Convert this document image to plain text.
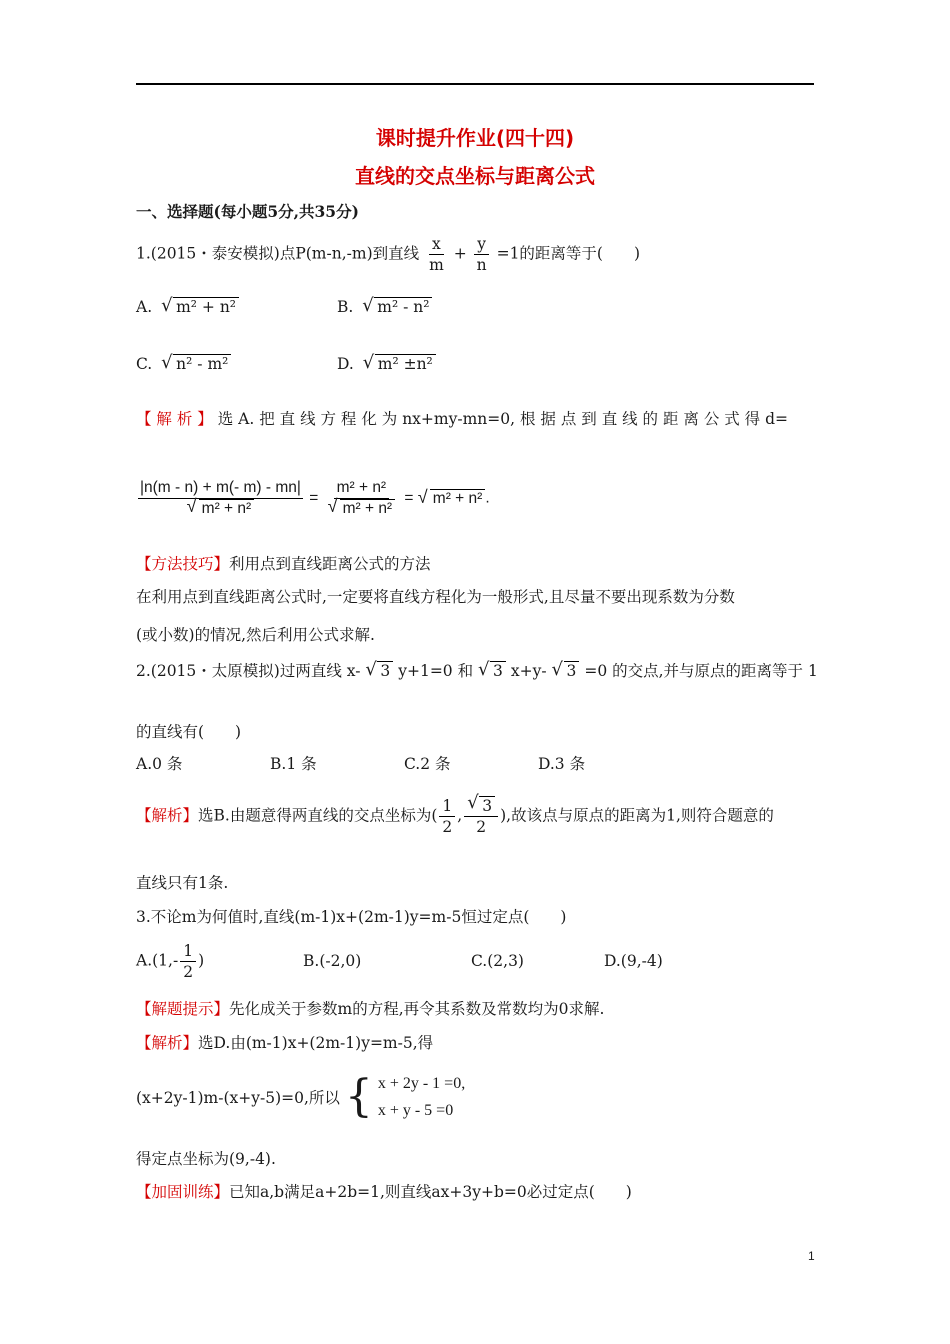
课时提升作业(四十四)
直线的交点坐标与距离公式
一、选择题(每小题5分,共35分)
1.(2015・泰安模拟)点P(m-n,-m)到直线 $\frac{x}{m} + \frac{y}{n} =1$的距离等于(　　)
A. √ m² + n²	B. √ m² - n²
C. √ n² - m²	D. √ m² ±n²
【 解 析 】 选 A. 把 直 线 方 程 化 为 nx+my-mn=0, 根 据 点 到 直 线 的 距 离 公 式 得 d=
|n(m - n) + m(- m) - mn|
√ m² + n² = m² + n²
√ m² + n² = √ m² + n² .
【方法技巧】利用点到直线距离公式的方法
在利用点到直线距离公式时,一定要将直线方程化为一般形式,且尽量不要出现系数为分数
(或小数)的情况,然后利用公式求解.
2.(2015・太原模拟)过两直线 x- √ 3 y+1=0 和 √ 3 x+y- √ 3 =0 的交点,并与原点的距离等于 1
的直线有(　　)
A.0 条	B.1 条	C.2 条	D.3 条
【解析】选B.由题意得两直线的交点坐标为( $\frac{1}{2}$ , √ $\frac{3}{2}$ ),故该点与原点的距离为1,则符合题意的
直线只有1条.
3.不论m为何值时,直线(m-1)x+(2m-1)y=m-5恒过定点(　　)
$A.(1,- \frac{1}{2}$ )	B.(-2,0)	C.(2,3)	D.(9,-4)
【解题提示】先化成关于参数m的方程,再令其系数及常数均为0求解.
【解析】选D.由(m-1)x+(2m-1)y=m-5,得
(x+2y-1)m-(x+y-5)=0,所以 { x + 2y - 1 =0,
x + y - 5 =0
得定点坐标为(9,-4).
【加固训练】已知a,b满足a+2b=1,则直线ax+3y+b=0必过定点(　　)
1
